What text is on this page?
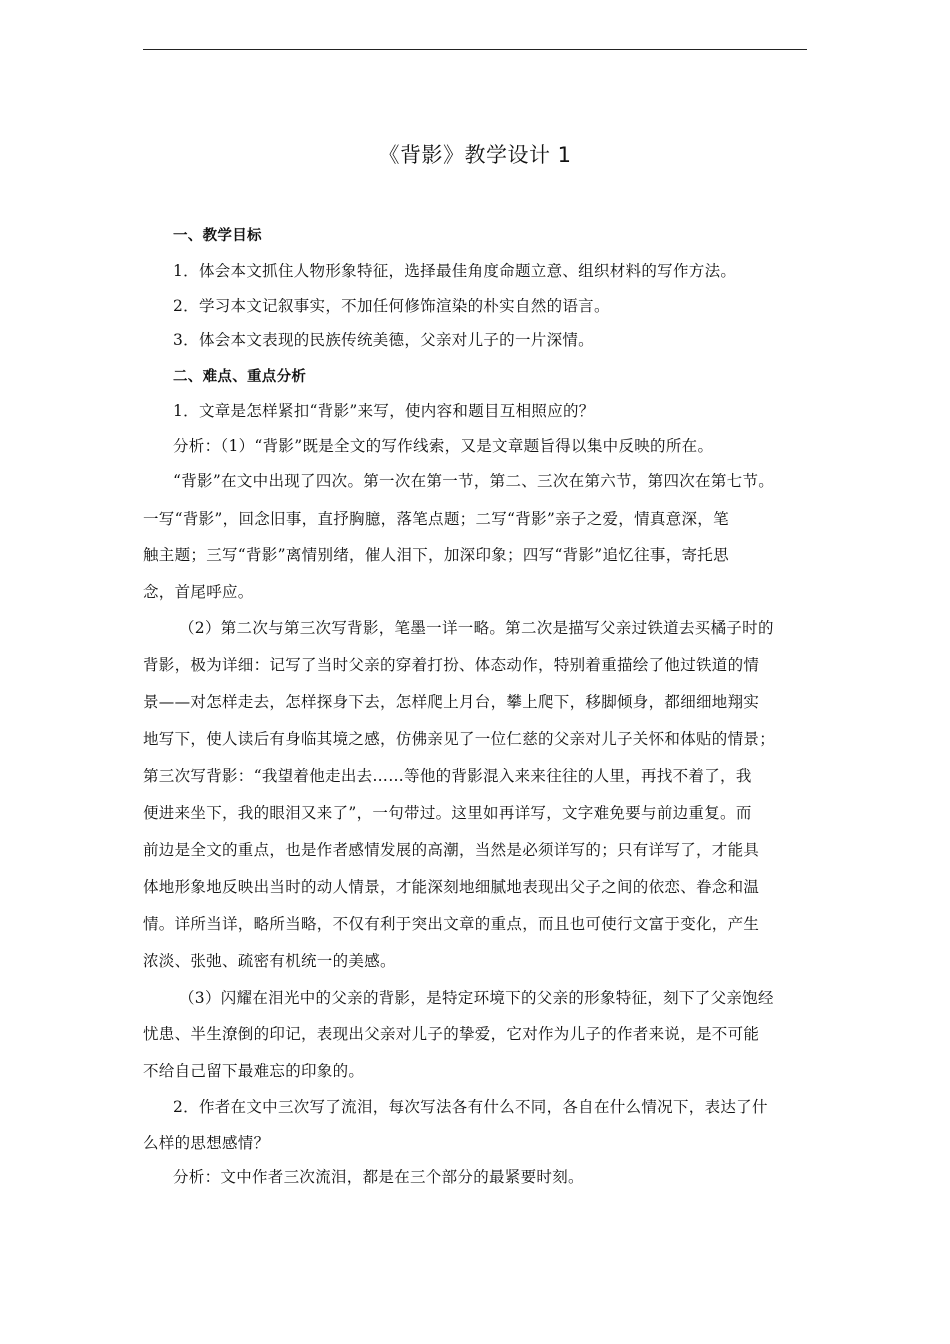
《背影》教学设计 1

一、教学目标

1．体会本文抓住人物形象特征，选择最佳角度命题立意、组织材料的写作方法。

2．学习本文记叙事实，不加任何修饰渲染的朴实自然的语言。

3．体会本文表现的民族传统美德，父亲对儿子的一片深情。

二、难点、重点分析

1．文章是怎样紧扣“背影”来写，使内容和题目互相照应的？

分析：（1）“背影”既是全文的写作线索，又是文章题旨得以集中反映的所在。

“背影”在文中出现了四次。第一次在第一节，第二、三次在第六节，第四次在第七节。

一写“背影”，回念旧事，直抒胸臆，落笔点题；二写“背影”亲子之爱，情真意深，笔

触主题；三写“背影”离情别绪，催人泪下，加深印象；四写“背影”追忆往事，寄托思

念，首尾呼应。

（2）第二次与第三次写背影，笔墨一详一略。第二次是描写父亲过铁道去买橘子时的

背影，极为详细：记写了当时父亲的穿着打扮、体态动作，特别着重描绘了他过铁道的情

景——对怎样走去，怎样探身下去，怎样爬上月台，攀上爬下，移脚倾身，都细细地翔实

地写下，使人读后有身临其境之感，仿佛亲见了一位仁慈的父亲对儿子关怀和体贴的情景；

第三次写背影：“我望着他走出去……等他的背影混入来来往往的人里，再找不着了，我

便进来坐下，我的眼泪又来了”，一句带过。这里如再详写，文字难免要与前边重复。而

前边是全文的重点，也是作者感情发展的高潮，当然是必须详写的；只有详写了，才能具

体地形象地反映出当时的动人情景，才能深刻地细腻地表现出父子之间的依恋、眷念和温

情。详所当详，略所当略，不仅有利于突出文章的重点，而且也可使行文富于变化，产生

浓淡、张弛、疏密有机统一的美感。

（3）闪耀在泪光中的父亲的背影，是特定环境下的父亲的形象特征，刻下了父亲饱经

忧患、半生潦倒的印记，表现出父亲对儿子的挚爱，它对作为儿子的作者来说，是不可能

不给自己留下最难忘的印象的。

2．作者在文中三次写了流泪，每次写法各有什么不同，各自在什么情况下，表达了什

么样的思想感情？

分析：文中作者三次流泪，都是在三个部分的最紧要时刻。
